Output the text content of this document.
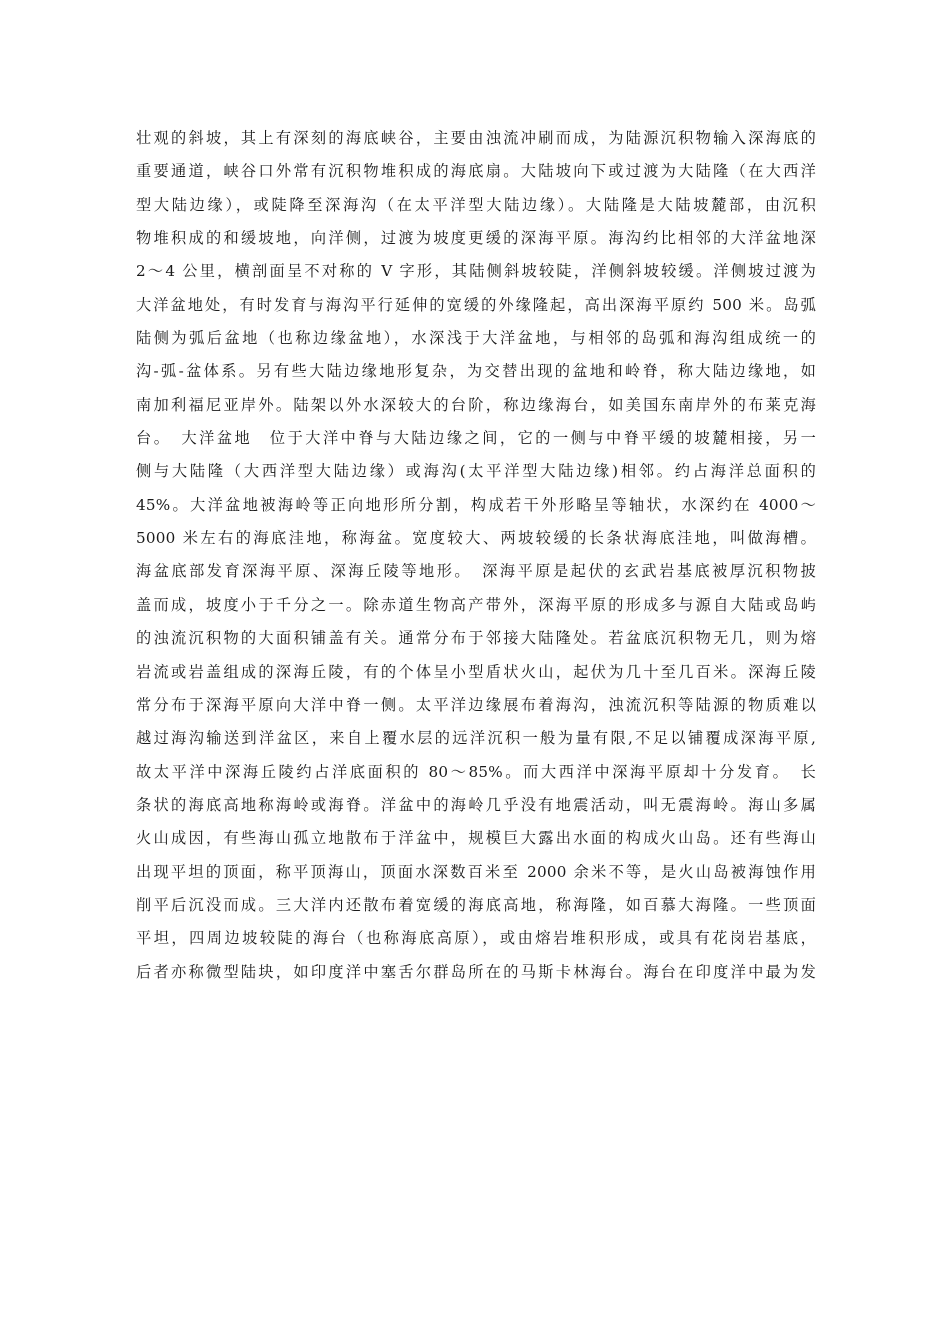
壮观的斜坡，其上有深刻的海底峡谷，主要由浊流冲刷而成，为陆源沉积物输入深海底的
重要通道，峡谷口外常有沉积物堆积成的海底扇。大陆坡向下或过渡为大陆隆（在大西洋
型大陆边缘），或陡降至深海沟（在太平洋型大陆边缘）。大陆隆是大陆坡麓部，由沉积
物堆积成的和缓坡地，向洋侧，过渡为坡度更缓的深海平原。海沟约比相邻的大洋盆地深
2～4 公里，横剖面呈不对称的 V 字形，其陆侧斜坡较陡，洋侧斜坡较缓。洋侧坡过渡为
大洋盆地处，有时发育与海沟平行延伸的宽缓的外缘隆起，高出深海平原约 500 米。岛弧
陆侧为弧后盆地（也称边缘盆地），水深浅于大洋盆地，与相邻的岛弧和海沟组成统一的
沟-弧-盆体系。另有些大陆边缘地形复杂，为交替出现的盆地和岭脊，称大陆边缘地，如
南加利福尼亚岸外。陆架以外水深较大的台阶，称边缘海台，如美国东南岸外的布莱克海
台。　大洋盆地　位于大洋中脊与大陆边缘之间，它的一侧与中脊平缓的坡麓相接，另一
侧与大陆隆（大西洋型大陆边缘）或海沟(太平洋型大陆边缘)相邻。约占海洋总面积的
45%。大洋盆地被海岭等正向地形所分割，构成若干外形略呈等轴状，水深约在 4000～
5000 米左右的海底洼地，称海盆。宽度较大、两坡较缓的长条状海底洼地，叫做海槽。
海盆底部发育深海平原、深海丘陵等地形。　深海平原是起伏的玄武岩基底被厚沉积物披
盖而成，坡度小于千分之一。除赤道生物高产带外，深海平原的形成多与源自大陆或岛屿
的浊流沉积物的大面积铺盖有关。通常分布于邻接大陆隆处。若盆底沉积物无几，则为熔
岩流或岩盖组成的深海丘陵，有的个体呈小型盾状火山，起伏为几十至几百米。深海丘陵
常分布于深海平原向大洋中脊一侧。太平洋边缘展布着海沟，浊流沉积等陆源的物质难以
越过海沟输送到洋盆区，来自上覆水层的远洋沉积一般为量有限,不足以铺覆成深海平原,
故太平洋中深海丘陵约占洋底面积的 80～85%。而大西洋中深海平原却十分发育。　长
条状的海底高地称海岭或海脊。洋盆中的海岭几乎没有地震活动，叫无震海岭。海山多属
火山成因，有些海山孤立地散布于洋盆中，规模巨大露出水面的构成火山岛。还有些海山
出现平坦的顶面，称平顶海山，顶面水深数百米至 2000 余米不等，是火山岛被海蚀作用
削平后沉没而成。三大洋内还散布着宽缓的海底高地，称海隆，如百慕大海隆。一些顶面
平坦，四周边坡较陡的海台（也称海底高原），或由熔岩堆积形成，或具有花岗岩基底，
后者亦称微型陆块，如印度洋中塞舌尔群岛所在的马斯卡林海台。海台在印度洋中最为发
